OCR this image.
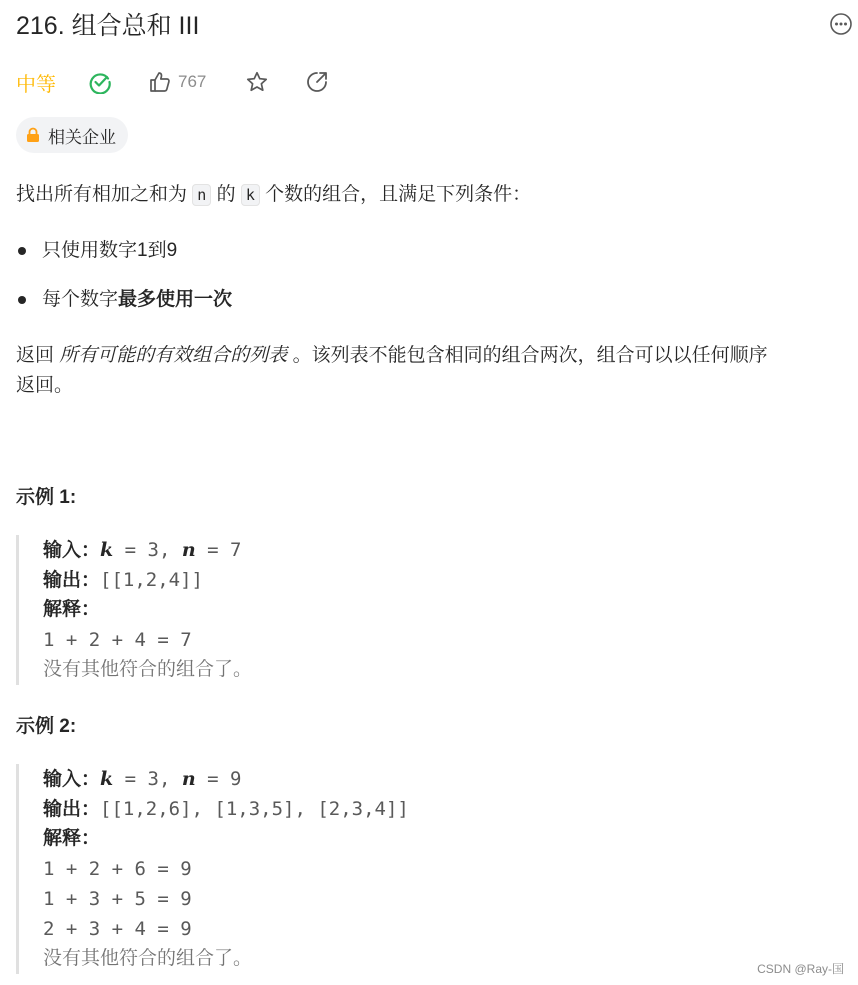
216. 组合总和 III
中等	767
相关企业
找出所有相加之和为 n 的 k 个数的组合，且满足下列条件：
只使用数字1到9
每个数字 最多使用一次
返回 所有可能的有效组合的列表 。该列表不能包含相同的组合两次，组合可以以任何顺序
返回。
示例 1:
输入：k = 3, n = 7
输出：[[1,2,4]]
解释：
1 + 2 + 4 = 7
没有其他符合的组合了。
示例 2:
输入：k = 3, n = 9
输出：[[1,2,6], [1,3,5], [2,3,4]]
解释：
1 + 2 + 6 = 9
1 + 3 + 5 = 9
2 + 3 + 4 = 9
没有其他符合的组合了。	CSDN @Ray-国
